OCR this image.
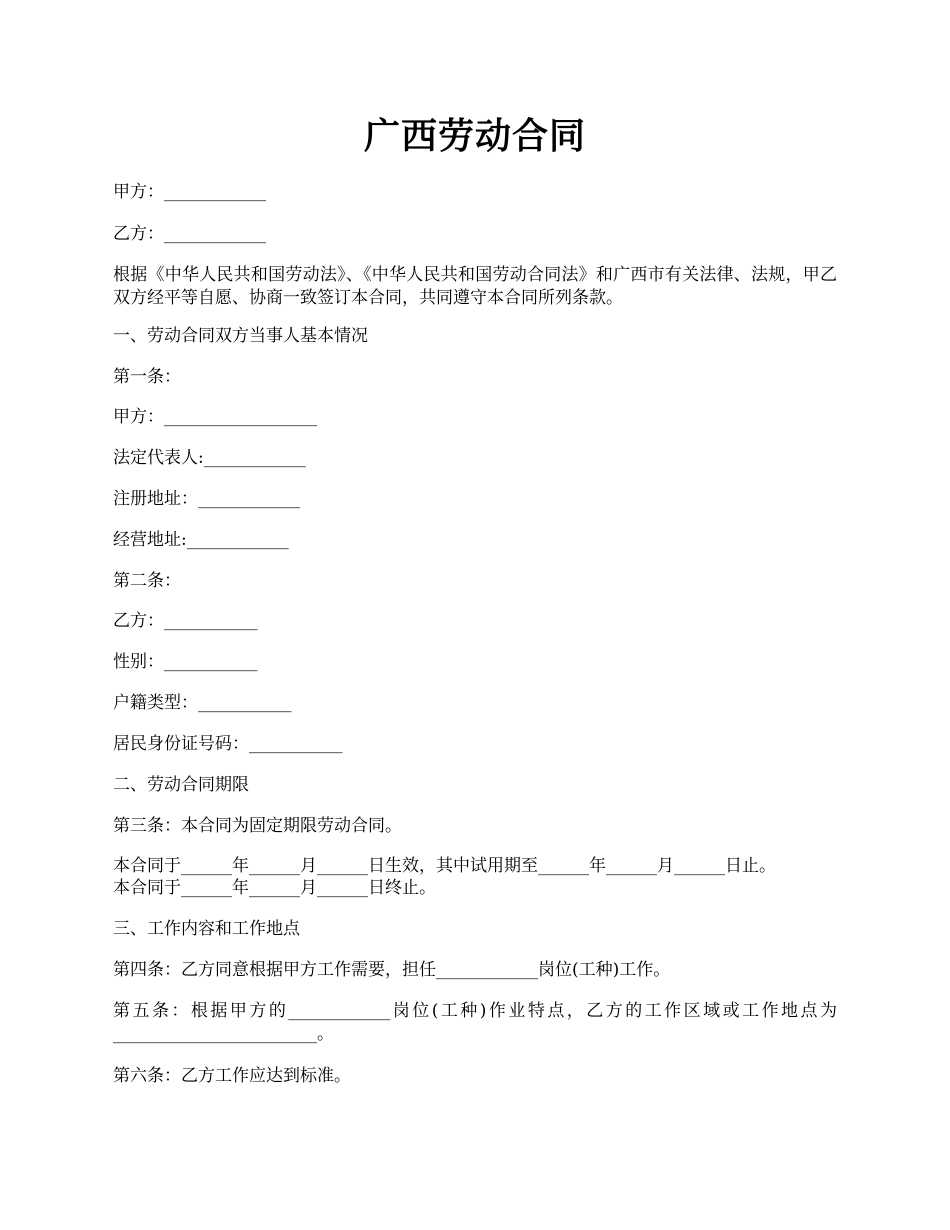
广西劳动合同
甲方：____________
乙方：____________
根据《中华人民共和国劳动法》、《中华人民共和国劳动合同法》和广西市有关法律、法规，甲乙双方经平等自愿、协商一致签订本合同，共同遵守本合同所列条款。
一、劳动合同双方当事人基本情况
第一条：
甲方：__________________
法定代表人:____________
注册地址：____________
经营地址:____________
第二条：
乙方：___________
性别：___________
户籍类型：___________
居民身份证号码：___________
二、劳动合同期限
第三条：本合同为固定期限劳动合同。
本合同于______年______月______日生效，其中试用期至______年______月______日止。
本合同于______年______月______日终止。
三、工作内容和工作地点
第四条：乙方同意根据甲方工作需要，担任____________岗位(工种)工作。
第五条：根据甲方的____________岗位(工种)作业特点，乙方的工作区域或工作地点为________________________。
第六条：乙方工作应达到标准。
